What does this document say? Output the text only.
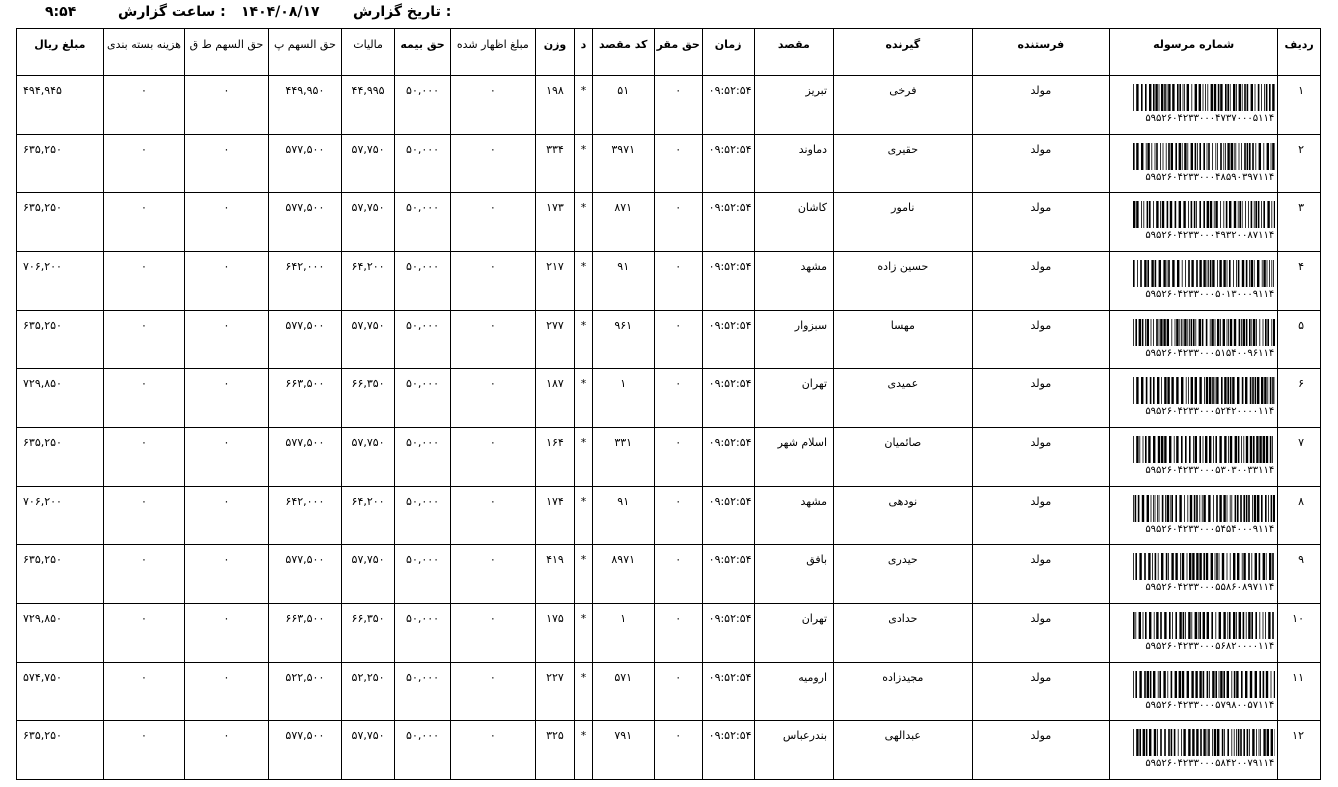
تاریخ گزارش :
۱۴۰۴/۰۸/۱۷
ساعت گزارش :
۹:۵۴
ردیف	شماره مرسوله	فرستنده	گیرنده	مقصد	زمان	حق مقر	کد مقصد	د	وزن	مبلغ اظهار شده	حق بیمه	مالیات	حق السهم پ	حق السهم ط ق	هزینه بسته بندی	مبلغ ریال
۱	۵۹۵۲۶۰۴۲۳۳۰۰۰۴۷۳۷۰۰۰۵۱۱۴	مولد	فرخی	تبریز	۰۹:۵۲:۵۴	۰	۵۱	*	۱۹۸	۰	۵۰,۰۰۰	۴۴,۹۹۵	۴۴۹,۹۵۰	۰	۰	۴۹۴,۹۴۵
۲	۵۹۵۲۶۰۴۲۳۳۰۰۰۴۸۵۹۰۳۹۷۱۱۴	مولد	حقیری	دماوند	۰۹:۵۲:۵۴	۰	۳۹۷۱	*	۳۳۴	۰	۵۰,۰۰۰	۵۷,۷۵۰	۵۷۷,۵۰۰	۰	۰	۶۳۵,۲۵۰
۳	۵۹۵۲۶۰۴۲۳۳۰۰۰۴۹۳۲۰۰۸۷۱۱۴	مولد	نامور	کاشان	۰۹:۵۲:۵۴	۰	۸۷۱	*	۱۷۳	۰	۵۰,۰۰۰	۵۷,۷۵۰	۵۷۷,۵۰۰	۰	۰	۶۳۵,۲۵۰
۴	۵۹۵۲۶۰۴۲۳۳۰۰۰۵۰۱۳۰۰۰۹۱۱۴	مولد	حسین زاده	مشهد	۰۹:۵۲:۵۴	۰	۹۱	*	۲۱۷	۰	۵۰,۰۰۰	۶۴,۲۰۰	۶۴۲,۰۰۰	۰	۰	۷۰۶,۲۰۰
۵	۵۹۵۲۶۰۴۲۳۳۰۰۰۵۱۵۴۰۰۹۶۱۱۴	مولد	مهسا	سبزوار	۰۹:۵۲:۵۴	۰	۹۶۱	*	۲۷۷	۰	۵۰,۰۰۰	۵۷,۷۵۰	۵۷۷,۵۰۰	۰	۰	۶۳۵,۲۵۰
۶	۵۹۵۲۶۰۴۲۳۳۰۰۰۵۲۴۲۰۰۰۰۱۱۴	مولد	عمیدی	تهران	۰۹:۵۲:۵۴	۰	۱	*	۱۸۷	۰	۵۰,۰۰۰	۶۶,۳۵۰	۶۶۳,۵۰۰	۰	۰	۷۲۹,۸۵۰
۷	۵۹۵۲۶۰۴۲۳۳۰۰۰۵۳۰۳۰۰۳۳۱۱۴	مولد	صائمیان	اسلام شهر	۰۹:۵۲:۵۴	۰	۳۳۱	*	۱۶۴	۰	۵۰,۰۰۰	۵۷,۷۵۰	۵۷۷,۵۰۰	۰	۰	۶۳۵,۲۵۰
۸	۵۹۵۲۶۰۴۲۳۳۰۰۰۵۴۵۴۰۰۰۹۱۱۴	مولد	نودهی	مشهد	۰۹:۵۲:۵۴	۰	۹۱	*	۱۷۴	۰	۵۰,۰۰۰	۶۴,۲۰۰	۶۴۲,۰۰۰	۰	۰	۷۰۶,۲۰۰
۹	۵۹۵۲۶۰۴۲۳۳۰۰۰۵۵۸۶۰۸۹۷۱۱۴	مولد	حیدری	بافق	۰۹:۵۲:۵۴	۰	۸۹۷۱	*	۴۱۹	۰	۵۰,۰۰۰	۵۷,۷۵۰	۵۷۷,۵۰۰	۰	۰	۶۳۵,۲۵۰
۱۰	۵۹۵۲۶۰۴۲۳۳۰۰۰۵۶۸۲۰۰۰۰۱۱۴	مولد	حدادی	تهران	۰۹:۵۲:۵۴	۰	۱	*	۱۷۵	۰	۵۰,۰۰۰	۶۶,۳۵۰	۶۶۳,۵۰۰	۰	۰	۷۲۹,۸۵۰
۱۱	۵۹۵۲۶۰۴۲۳۳۰۰۰۵۷۹۸۰۰۵۷۱۱۴	مولد	مجیدزاده	ارومیه	۰۹:۵۲:۵۴	۰	۵۷۱	*	۲۲۷	۰	۵۰,۰۰۰	۵۲,۲۵۰	۵۲۲,۵۰۰	۰	۰	۵۷۴,۷۵۰
۱۲	۵۹۵۲۶۰۴۲۳۳۰۰۰۵۸۴۲۰۰۷۹۱۱۴	مولد	عبدالهی	بندرعباس	۰۹:۵۲:۵۴	۰	۷۹۱	*	۳۲۵	۰	۵۰,۰۰۰	۵۷,۷۵۰	۵۷۷,۵۰۰	۰	۰	۶۳۵,۲۵۰
